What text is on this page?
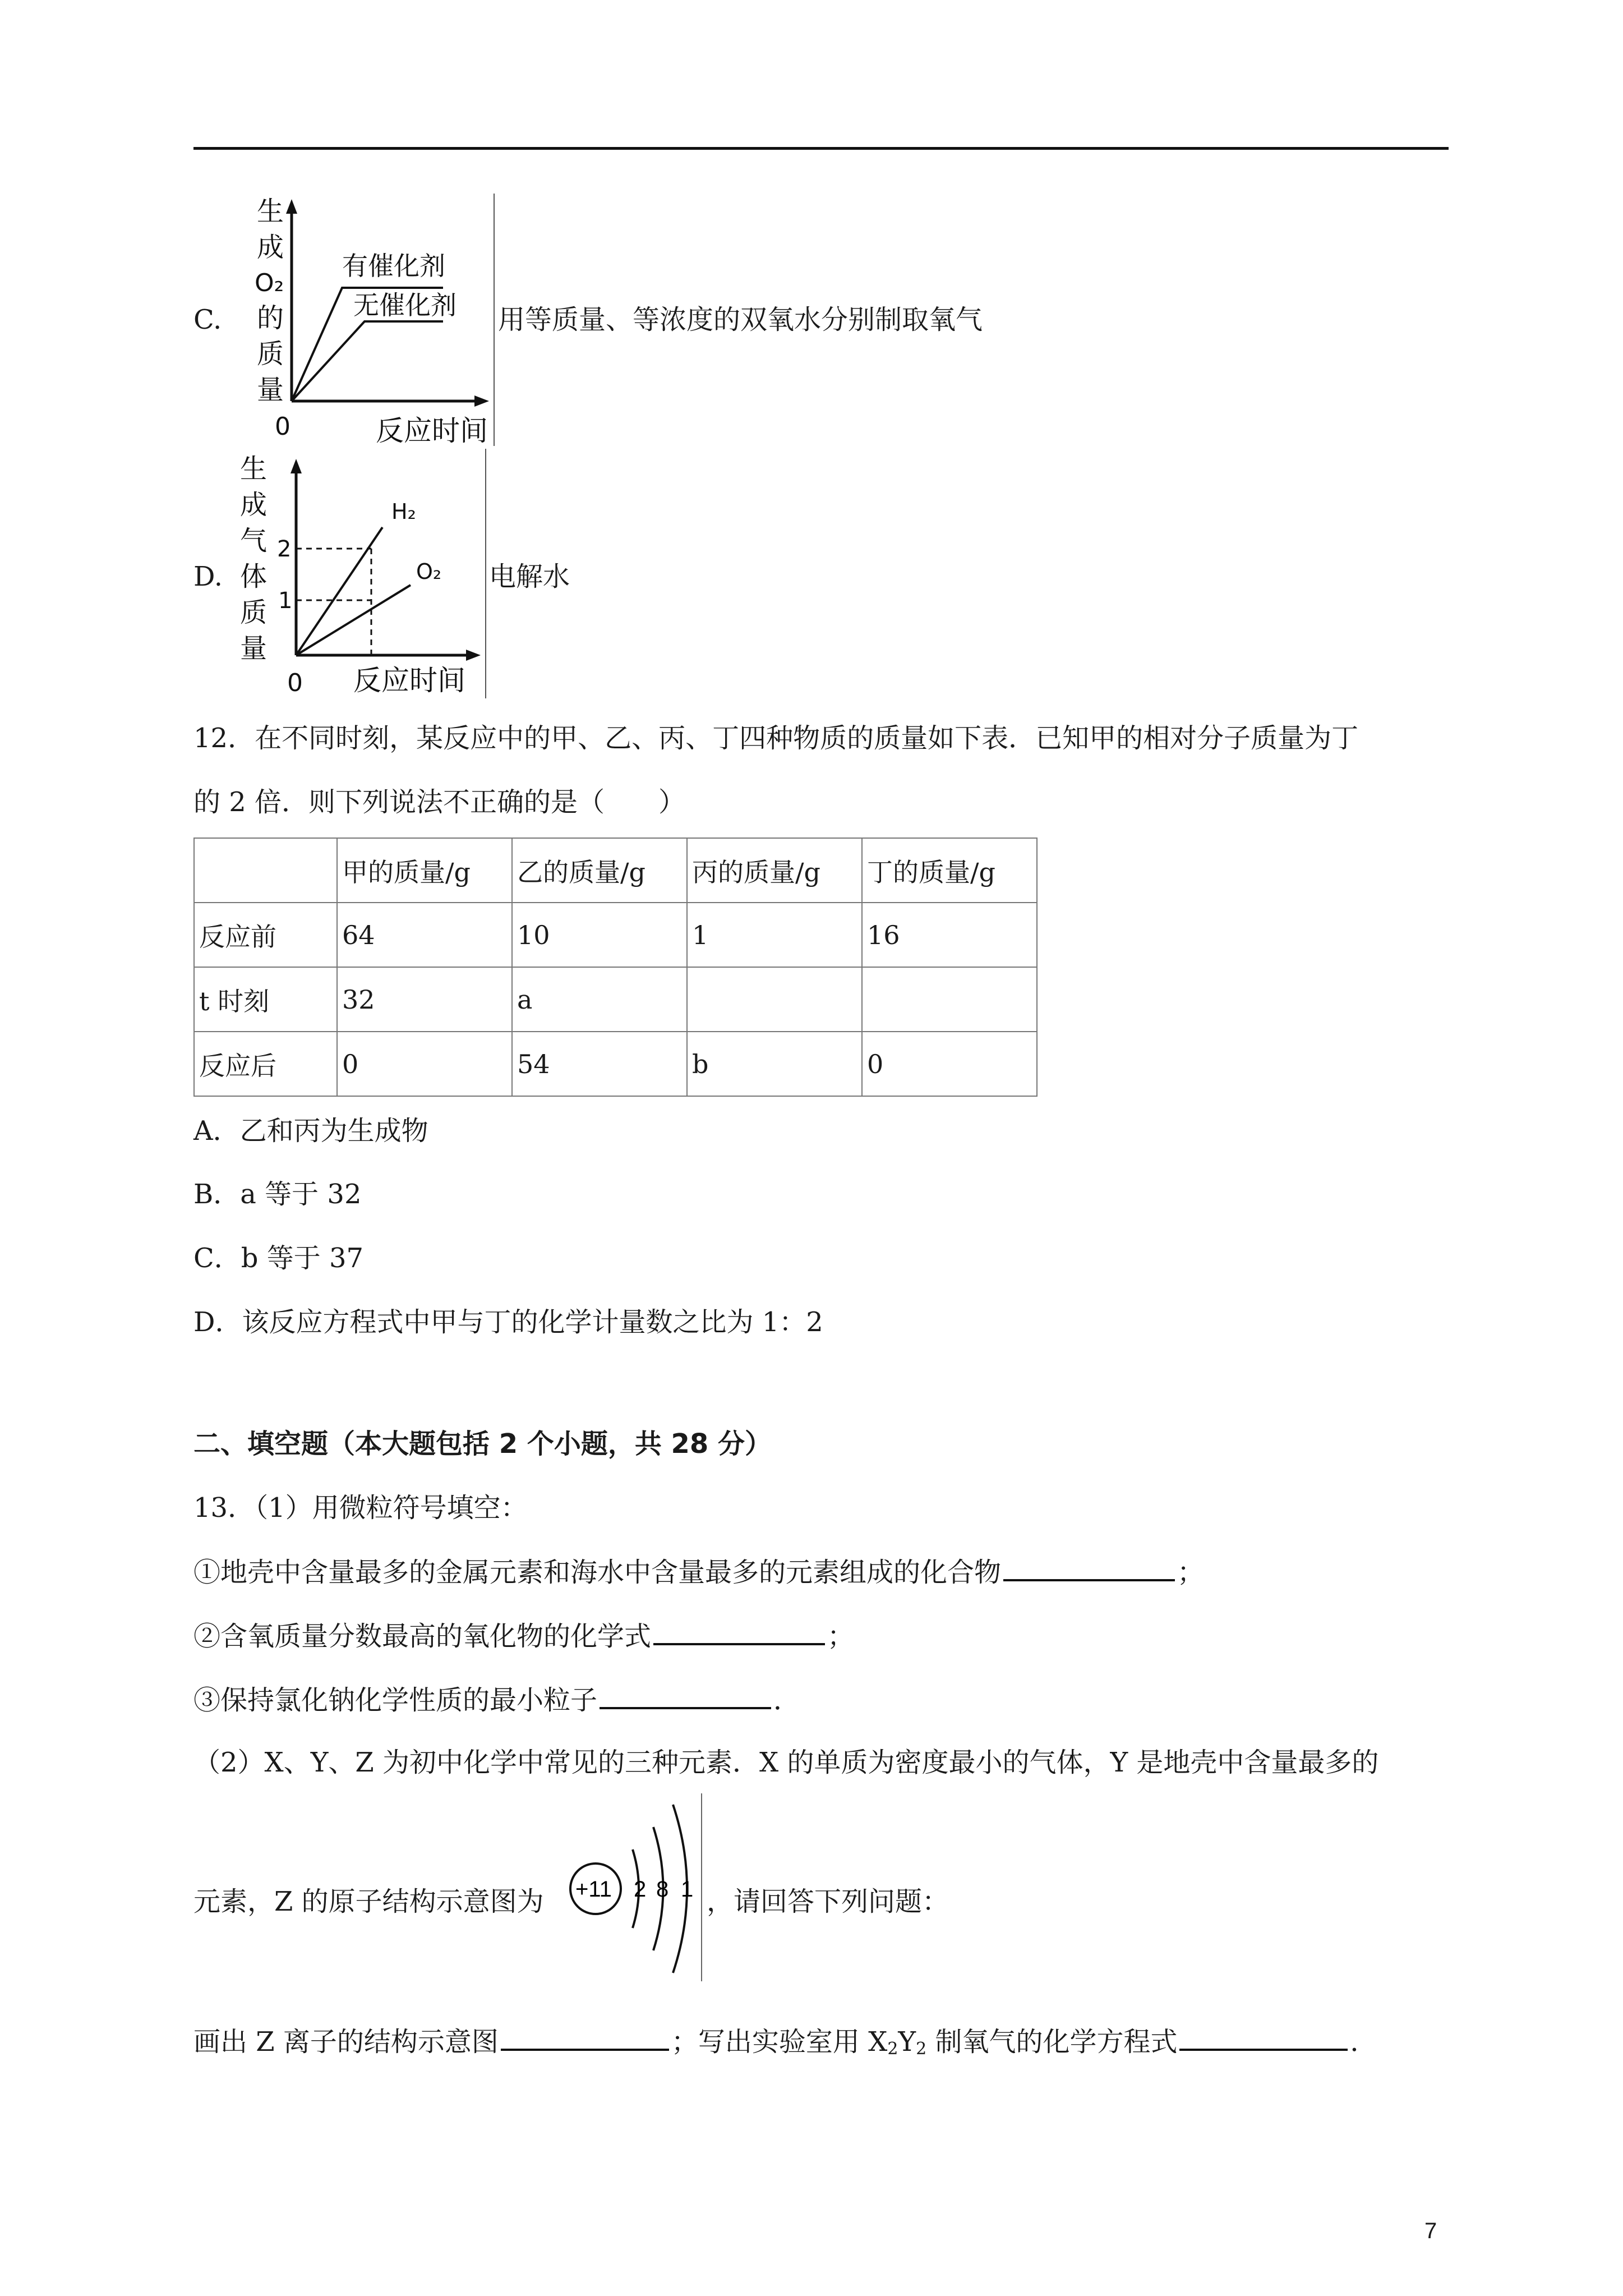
C.
生
成
O₂
的
质
量
有催化剂
无催化剂
0	反应时间
用等质量、等浓度的双氧水分别制取氧气
D.
生
成
气
体
质
量
H₂
O₂
2
1
0 反应时间
电解水
12．在不同时刻，某反应中的甲、乙、丙、丁四种物质的质量如下表．已知甲的相对分子质量为丁
的 2 倍．则下列说法不正确的是（　　）
	甲的质量/g	乙的质量/g	丙的质量/g	丁的质量/g
反应前	64	10	1	16
t 时刻	32	a		
反应后	0	54	b	0
A．乙和丙为生成物
B．a 等于 32
C．b 等于 37
D．该反应方程式中甲与丁的化学计量数之比为 1：2
二、填空题（本大题包括 2 个小题，共 28 分）
13．（1）用微粒符号填空：
①地壳中含量最多的金属元素和海水中含量最多的元素组成的化合物	；
②含氧质量分数最高的氧化物的化学式	；
③保持氯化钠化学性质的最小粒子	．
（2）X、Y、Z 为初中化学中常见的三种元素．X 的单质为密度最小的气体，Y 是地壳中含量最多的
元素，Z 的原子结构示意图为 +11 2 8 1 ，请回答下列问题：
画出 Z 离子的结构示意图	；写出实验室用 $X_2Y_2$ 制氧气的化学方程式	．
7
